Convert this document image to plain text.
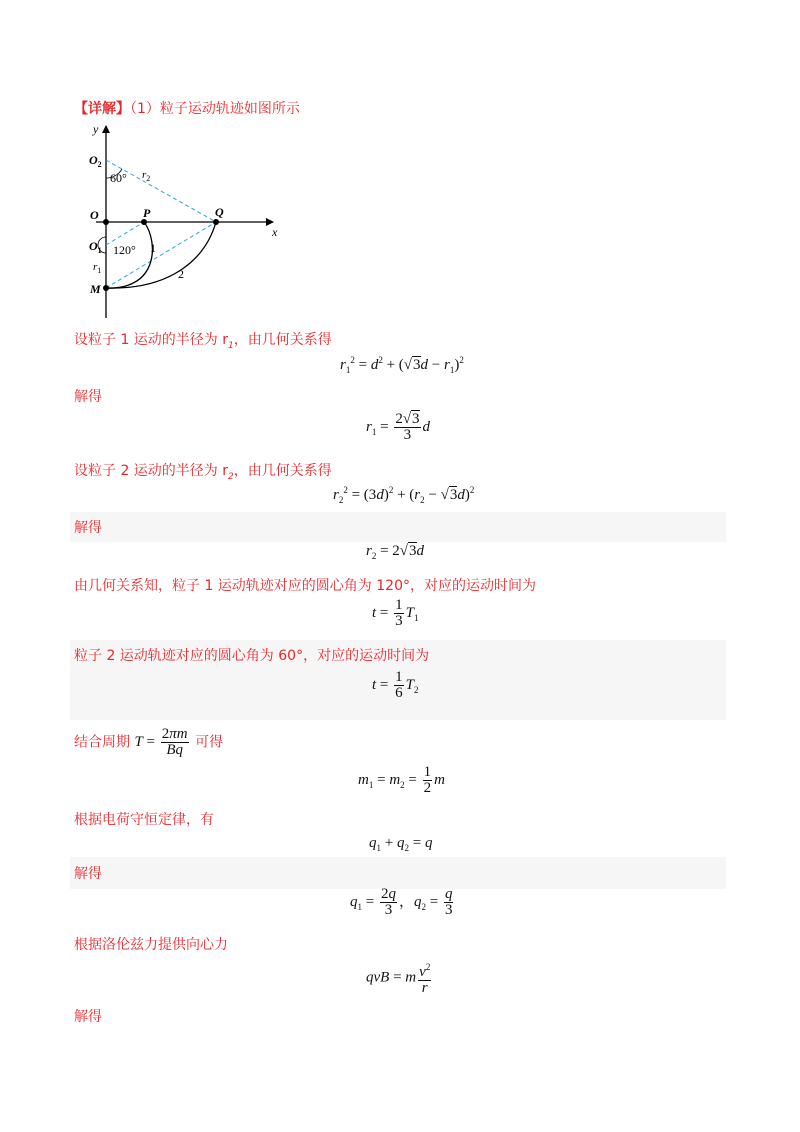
【详解】（1）粒子运动轨迹如图所示
y
x
$O_2$
60° $r_2$
O	P	Q
$O_1$ 120° 1
$r_1$	2
M
设粒子 1 运动的半径为 $r_1$，由几何关系得
$r_1^2 = d^2 + (√3d - r_1)^2$
解得
$r_1 = \frac{2√3}{3}$ d
设粒子 2 运动的半径为 $r_2$，由几何关系得
$r_2^2 = (3d)^2 + (r_2 - √3d)^2$
解得
$r_2 = 2√3d$
由几何关系知，粒子 1 运动轨迹对应的圆心角为 120°，对应的运动时间为
$t = \frac{1}{3} T_1$
粒子 2 运动轨迹对应的圆心角为 60°，对应的运动时间为
$t = \frac{1}{6} T_2$
结合周期 $T = \frac{2\pi m}{Bq}$ 可得
$m_1 = m_2 = \frac{1}{2}$ m
根据电荷守恒定律，有
$q_1 + q_2 = q$
解得
$q_1 = \frac{2q}{3}$ ，$q_2 = \frac{q}{3}$
根据洛伦兹力提供向心力
qvB = m $\frac{v^2}{r}$
解得
